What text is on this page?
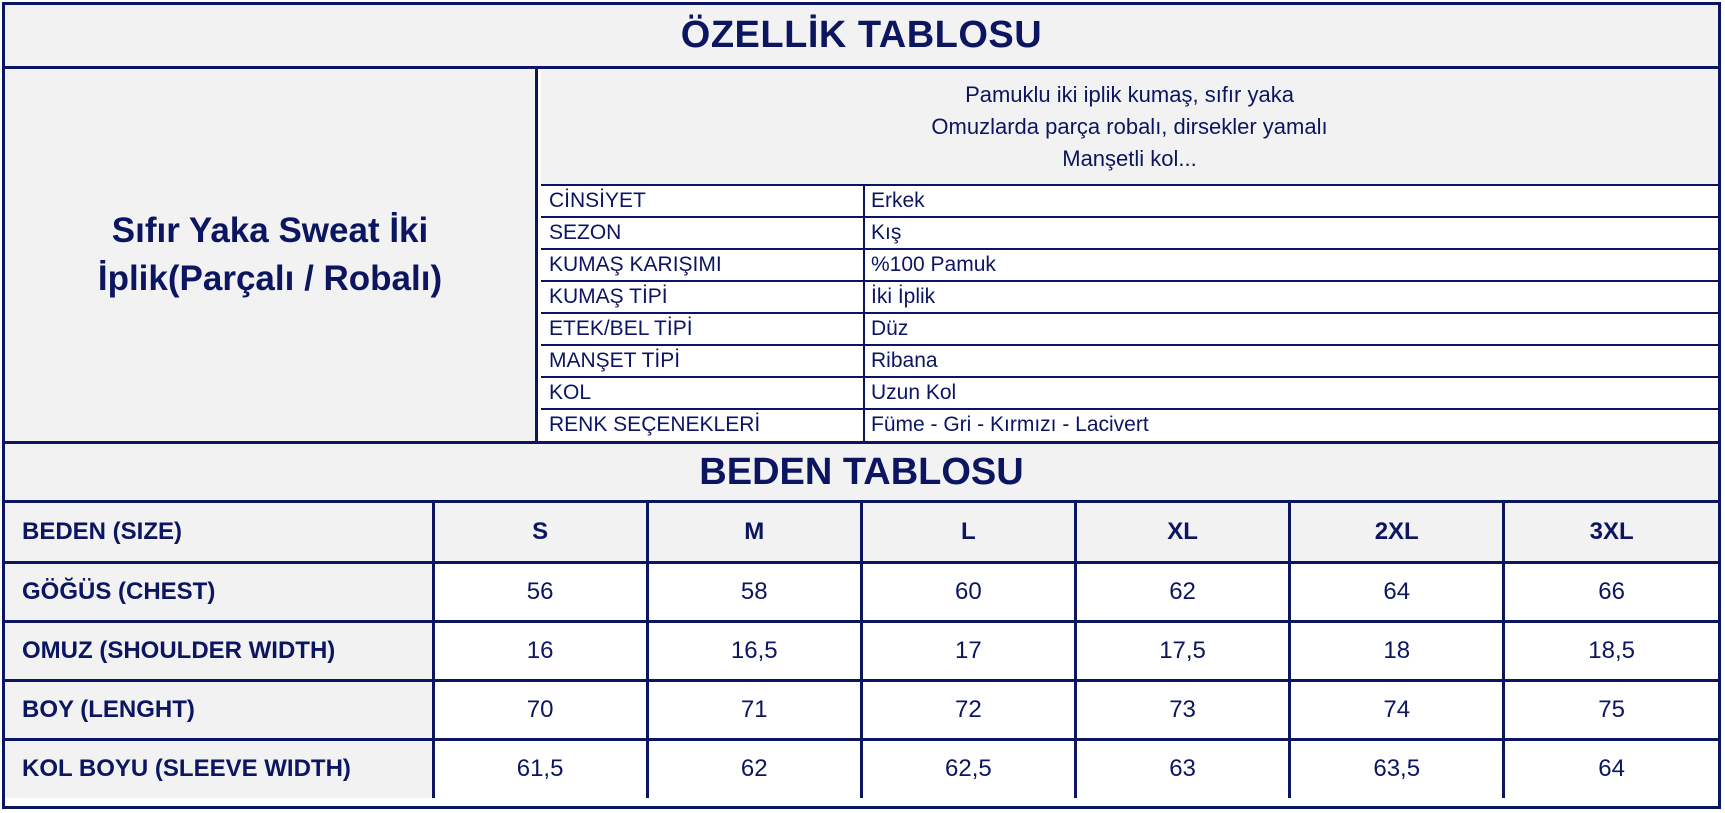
ÖZELLİK TABLOSU
Sıfır Yaka Sweat İki İplik(Parçalı / Robalı)
Pamuklu iki iplik kumaş, sıfır yaka
Omuzlarda parça robalı, dirsekler yamalı
Manşetli kol...
CİNSİYET	Erkek
SEZON	Kış
KUMAŞ KARIŞIMI	%100 Pamuk
KUMAŞ TİPİ	İki İplik
ETEK/BEL TİPİ	Düz
MANŞET TİPİ	Ribana
KOL	Uzun Kol
RENK SEÇENEKLERİ	Füme - Gri - Kırmızı - Lacivert
BEDEN TABLOSU
BEDEN (SIZE)	S	M	L	XL	2XL	3XL
GÖĞÜS (CHEST)	56	58	60	62	64	66
OMUZ (SHOULDER WIDTH)	16	16,5	17	17,5	18	18,5
BOY (LENGHT)	70	71	72	73	74	75
KOL BOYU (SLEEVE WIDTH)	61,5	62	62,5	63	63,5	64
